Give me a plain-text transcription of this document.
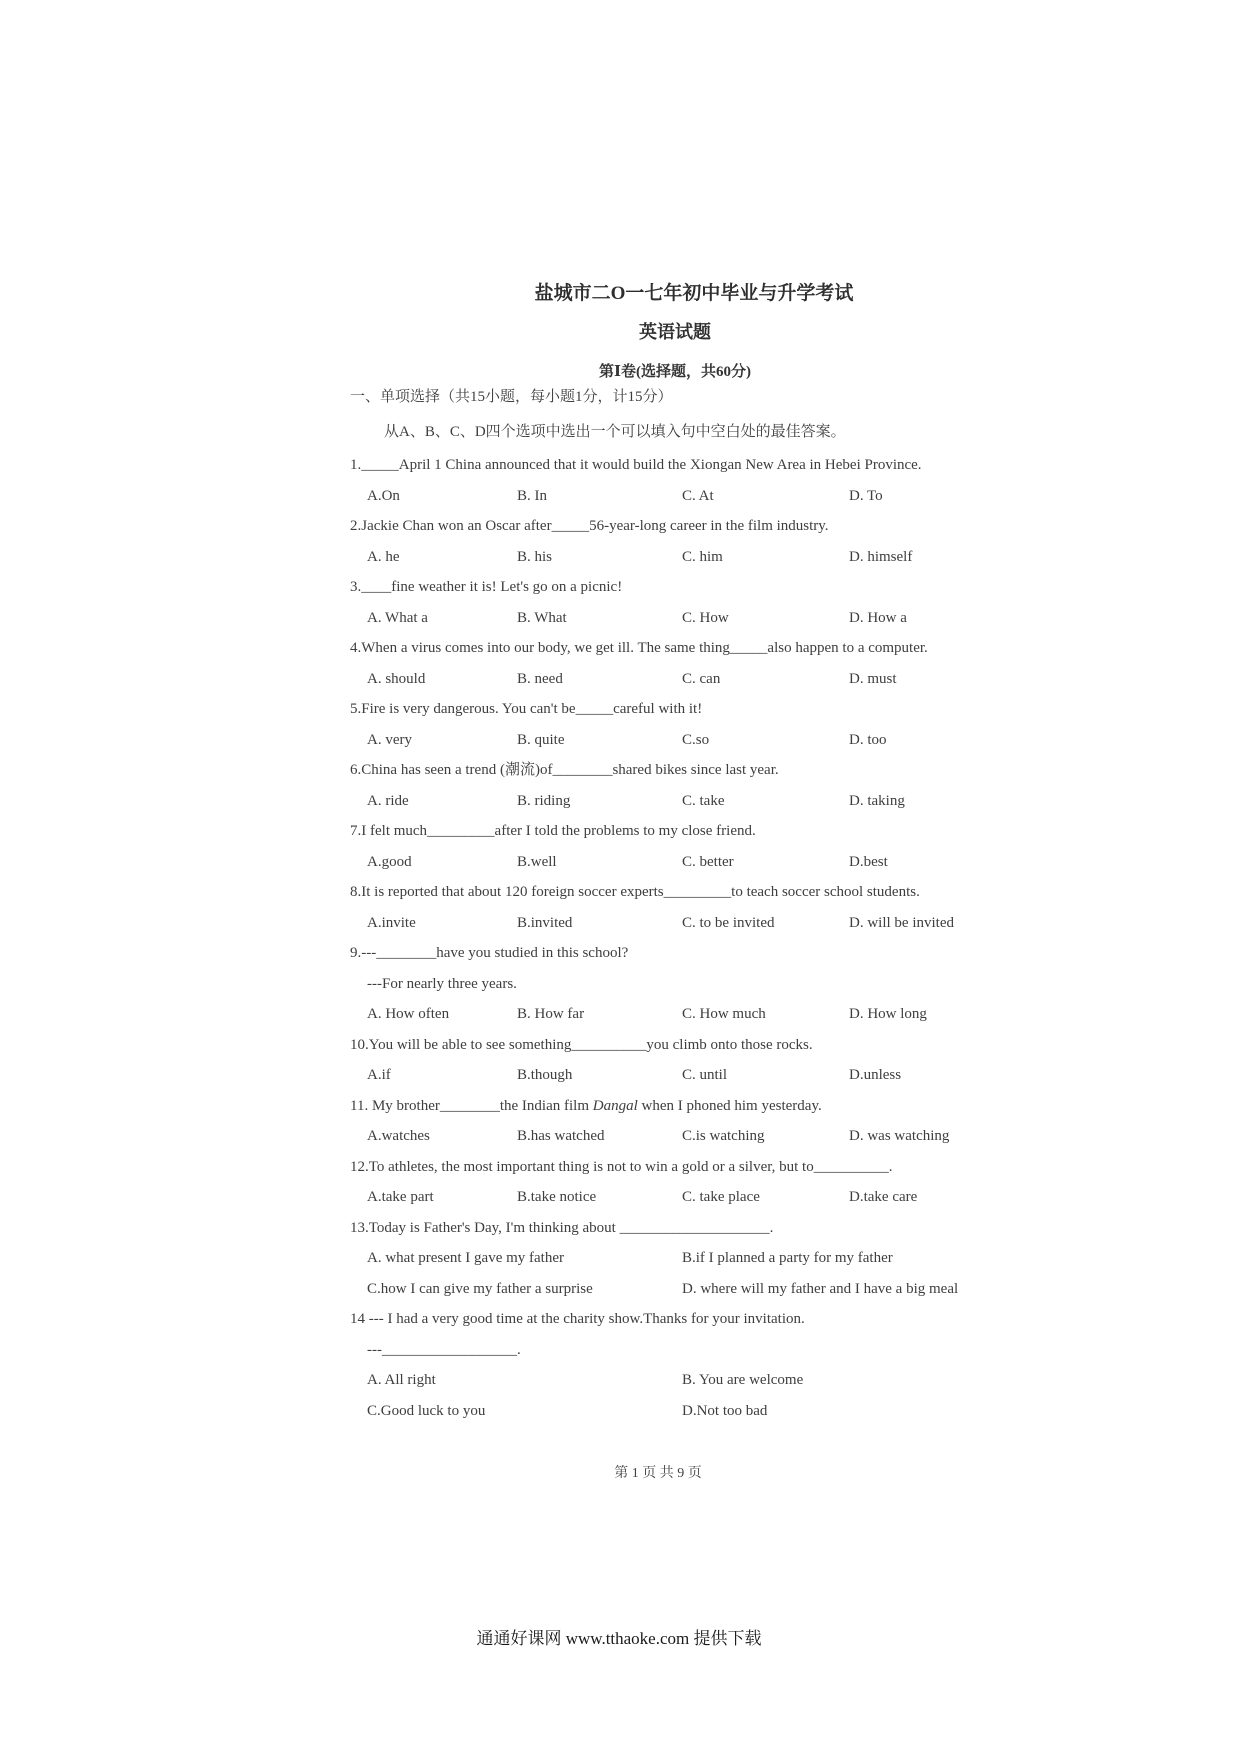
盐城市二O一七年初中毕业与升学考试
英语试题
第Ⅰ卷(选择题，共60分)
一、单项选择（共15小题，每小题1分，计15分）
从A、B、C、D四个选项中选出一个可以填入句中空白处的最佳答案。
1._____April 1 China announced that it would build the Xiongan New Area in Hebei Province.
A.On	B. In	C. At	D. To
2.Jackie Chan won an Oscar after_____56-year-long career in the film industry.
A. he	B. his	C. him	D. himself
3.____fine weather it is! Let's go on a picnic!
A. What a	B. What	C. How	D. How a
4.When a virus comes into our body, we get ill. The same thing_____also happen to a computer.
A. should	B. need	C. can	D. must
5.Fire is very dangerous. You can't be_____careful with it!
A. very	B. quite	C.so	D. too
6.China has seen a trend (潮流)of________shared bikes since last year.
A. ride	B. riding	C. take	D. taking
7.I felt much_________after I told the problems to my close friend.
A.good	B.well	C. better	D.best
8.It is reported that about 120 foreign soccer experts_________to teach soccer school students.
A.invite	B.invited	C. to be invited	D. will be invited
9.---________have you studied in this school?
---For nearly three years.
A. How often	B. How far	C. How much	D. How long
10.You will be able to see something__________you climb onto those rocks.
A.if	B.though	C. until	D.unless
11. My brother________the Indian film Dangal when I phoned him yesterday.
A.watches	B.has watched	C.is watching	D. was watching
12.To athletes, the most important thing is not to win a gold or a silver, but to__________.
A.take part	B.take notice	C. take place	D.take care
13.Today is Father's Day, I'm thinking about ____________________.
A. what present I gave my father	B.if I planned a party for my father
C.how I can give my father a surprise	D. where will my father and I have a big meal
14 --- I had a very good time at the charity show.Thanks for your invitation.
---__________________.
A. All right	B. You are welcome
C.Good luck to you	D.Not too bad
第 1 页 共 9 页
通通好课网 www.tthaoke.com 提供下载
